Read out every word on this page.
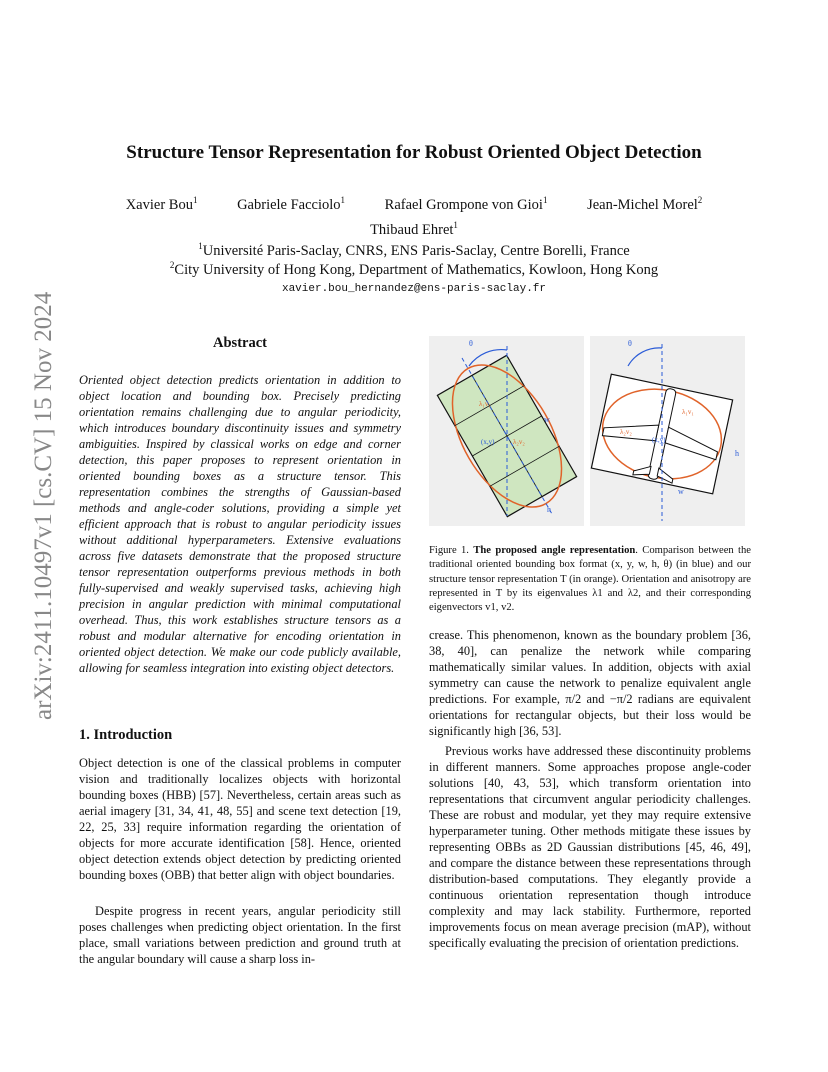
arXiv:2411.10497v1 [cs.CV] 15 Nov 2024
Structure Tensor Representation for Robust Oriented Object Detection
Xavier Bou$^1$	Gabriele Facciolo$^1$	Rafael Grompone von Gioi$^1$	Jean-Michel Morel$^2$
Thibaud Ehret$^1$
$^1$Université Paris-Saclay, CNRS, ENS Paris-Saclay, Centre Borelli, France
$^2$City University of Hong Kong, Department of Mathematics, Kowloon, Hong Kong
xavier.bou_hernandez@ens-paris-saclay.fr
Abstract
Oriented object detection predicts orientation in addition to object location and bounding box. Precisely predicting orientation remains challenging due to angular periodicity, which introduces boundary discontinuity issues and symmetry ambiguities. Inspired by classical works on edge and corner detection, this paper proposes to represent orientation in oriented bounding boxes as a structure tensor. This representation combines the strengths of Gaussian-based methods and angle-coder solutions, providing a simple yet efficient approach that is robust to angular periodicity issues without additional hyperparameters. Extensive evaluations across five datasets demonstrate that the proposed structure tensor representation outperforms previous methods in both fully-supervised and weakly supervised tasks, achieving high precision in angular prediction with minimal computational overhead. Thus, this work establishes structure tensors as a robust and modular alternative for encoding orientation in oriented object detection. We make our code publicly available, allowing for seamless integration into existing object detectors.
1. Introduction
Object detection is one of the classical problems in computer vision and traditionally localizes objects with horizontal bounding boxes (HBB) [57]. Nevertheless, certain areas such as aerial imagery [31, 34, 41, 48, 55] and scene text detection [19, 22, 25, 33] require information regarding the orientation of objects for more accurate identification [58]. Hence, oriented object detection extends object detection by predicting oriented bounding boxes (OBB) that better align with object boundaries.
Despite progress in recent years, angular periodicity still poses challenges when predicting object orientation. In the first place, small variations between prediction and ground truth at the angular boundary will cause a sharp loss in-
θ
w
h
(x,y)
λ₁v₁
λ₂v₂
θ
λ₁v₁
λ₂v₂
(x,y)
w
h
Figure 1. The proposed angle representation. Comparison between the traditional oriented bounding box format (x, y, w, h, θ) (in blue) and our structure tensor representation T (in orange). Orientation and anisotropy are represented in T by its eigenvalues λ1 and λ2, and their corresponding eigenvectors v1, v2.
crease. This phenomenon, known as the boundary problem [36, 38, 40], can penalize the network while comparing mathematically similar values. In addition, objects with axial symmetry can cause the network to penalize equivalent angle predictions. For example, π/2 and −π/2 radians are equivalent orientations for rectangular objects, but their loss would be significantly high [36, 53].
Previous works have addressed these discontinuity problems in different manners. Some approaches propose angle-coder solutions [40, 43, 53], which transform orientation into representations that circumvent angular periodicity challenges. These are robust and modular, yet they may require extensive hyperparameter tuning. Other methods mitigate these issues by representing OBBs as 2D Gaussian distributions [45, 46, 49], and compare the distance between these representations through distribution-based computations. They elegantly provide a continuous orientation representation though introduce complexity and may lack stability. Furthermore, reported improvements focus on mean average precision (mAP), without specifically evaluating the precision of orientation predictions.
